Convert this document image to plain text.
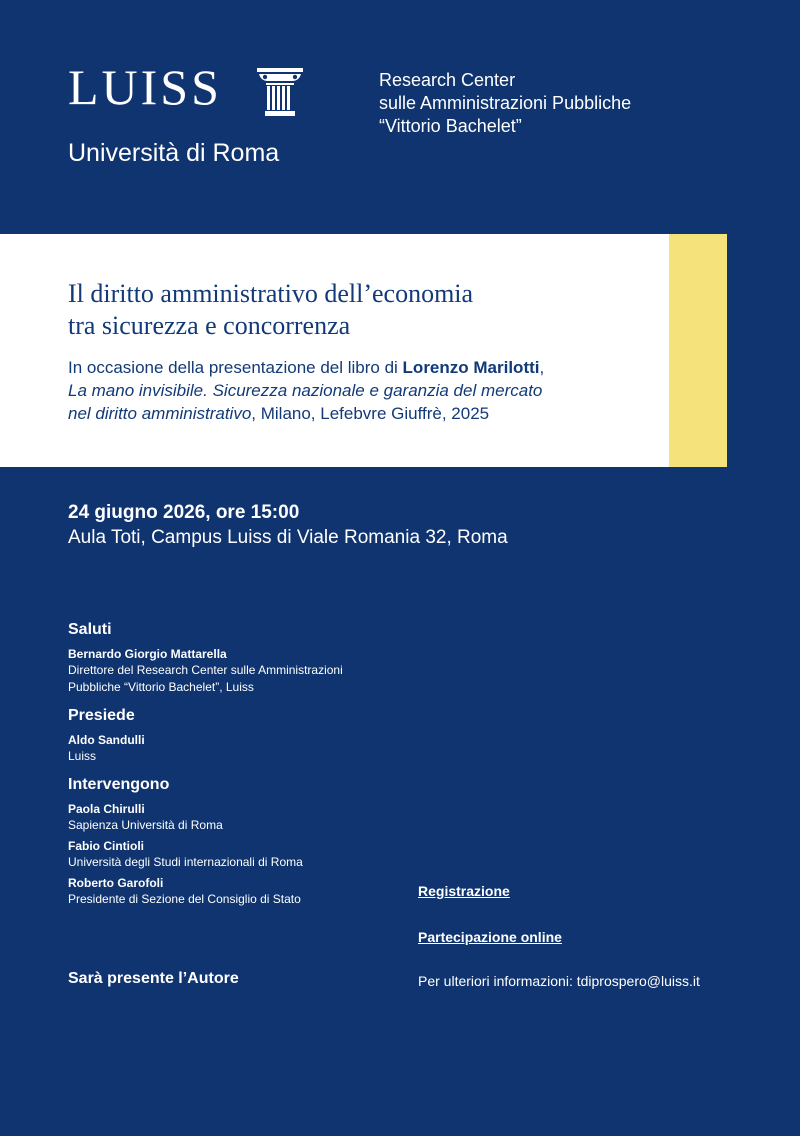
LUISS
Università di Roma
Research Center
sulle Amministrazioni Pubbliche
“Vittorio Bachelet”
Il diritto amministrativo dell’economia
tra sicurezza e concorrenza
In occasione della presentazione del libro di Lorenzo Marilotti,
La mano invisibile. Sicurezza nazionale e garanzia del mercato
nel diritto amministrativo, Milano, Lefebvre Giuffrè, 2025
24 giugno 2026, ore 15:00
Aula Toti, Campus Luiss di Viale Romania 32, Roma
Saluti
Bernardo Giorgio Mattarella
Direttore del Research Center sulle Amministrazioni
Pubbliche “Vittorio Bachelet”, Luiss
Presiede
Aldo Sandulli
Luiss
Intervengono
Paola Chirulli
Sapienza Università di Roma
Fabio Cintioli
Università degli Studi internazionali di Roma
Roberto Garofoli
Presidente di Sezione del Consiglio di Stato
Sarà presente l’Autore
Registrazione
Partecipazione online
Per ulteriori informazioni: tdiprospero@luiss.it
